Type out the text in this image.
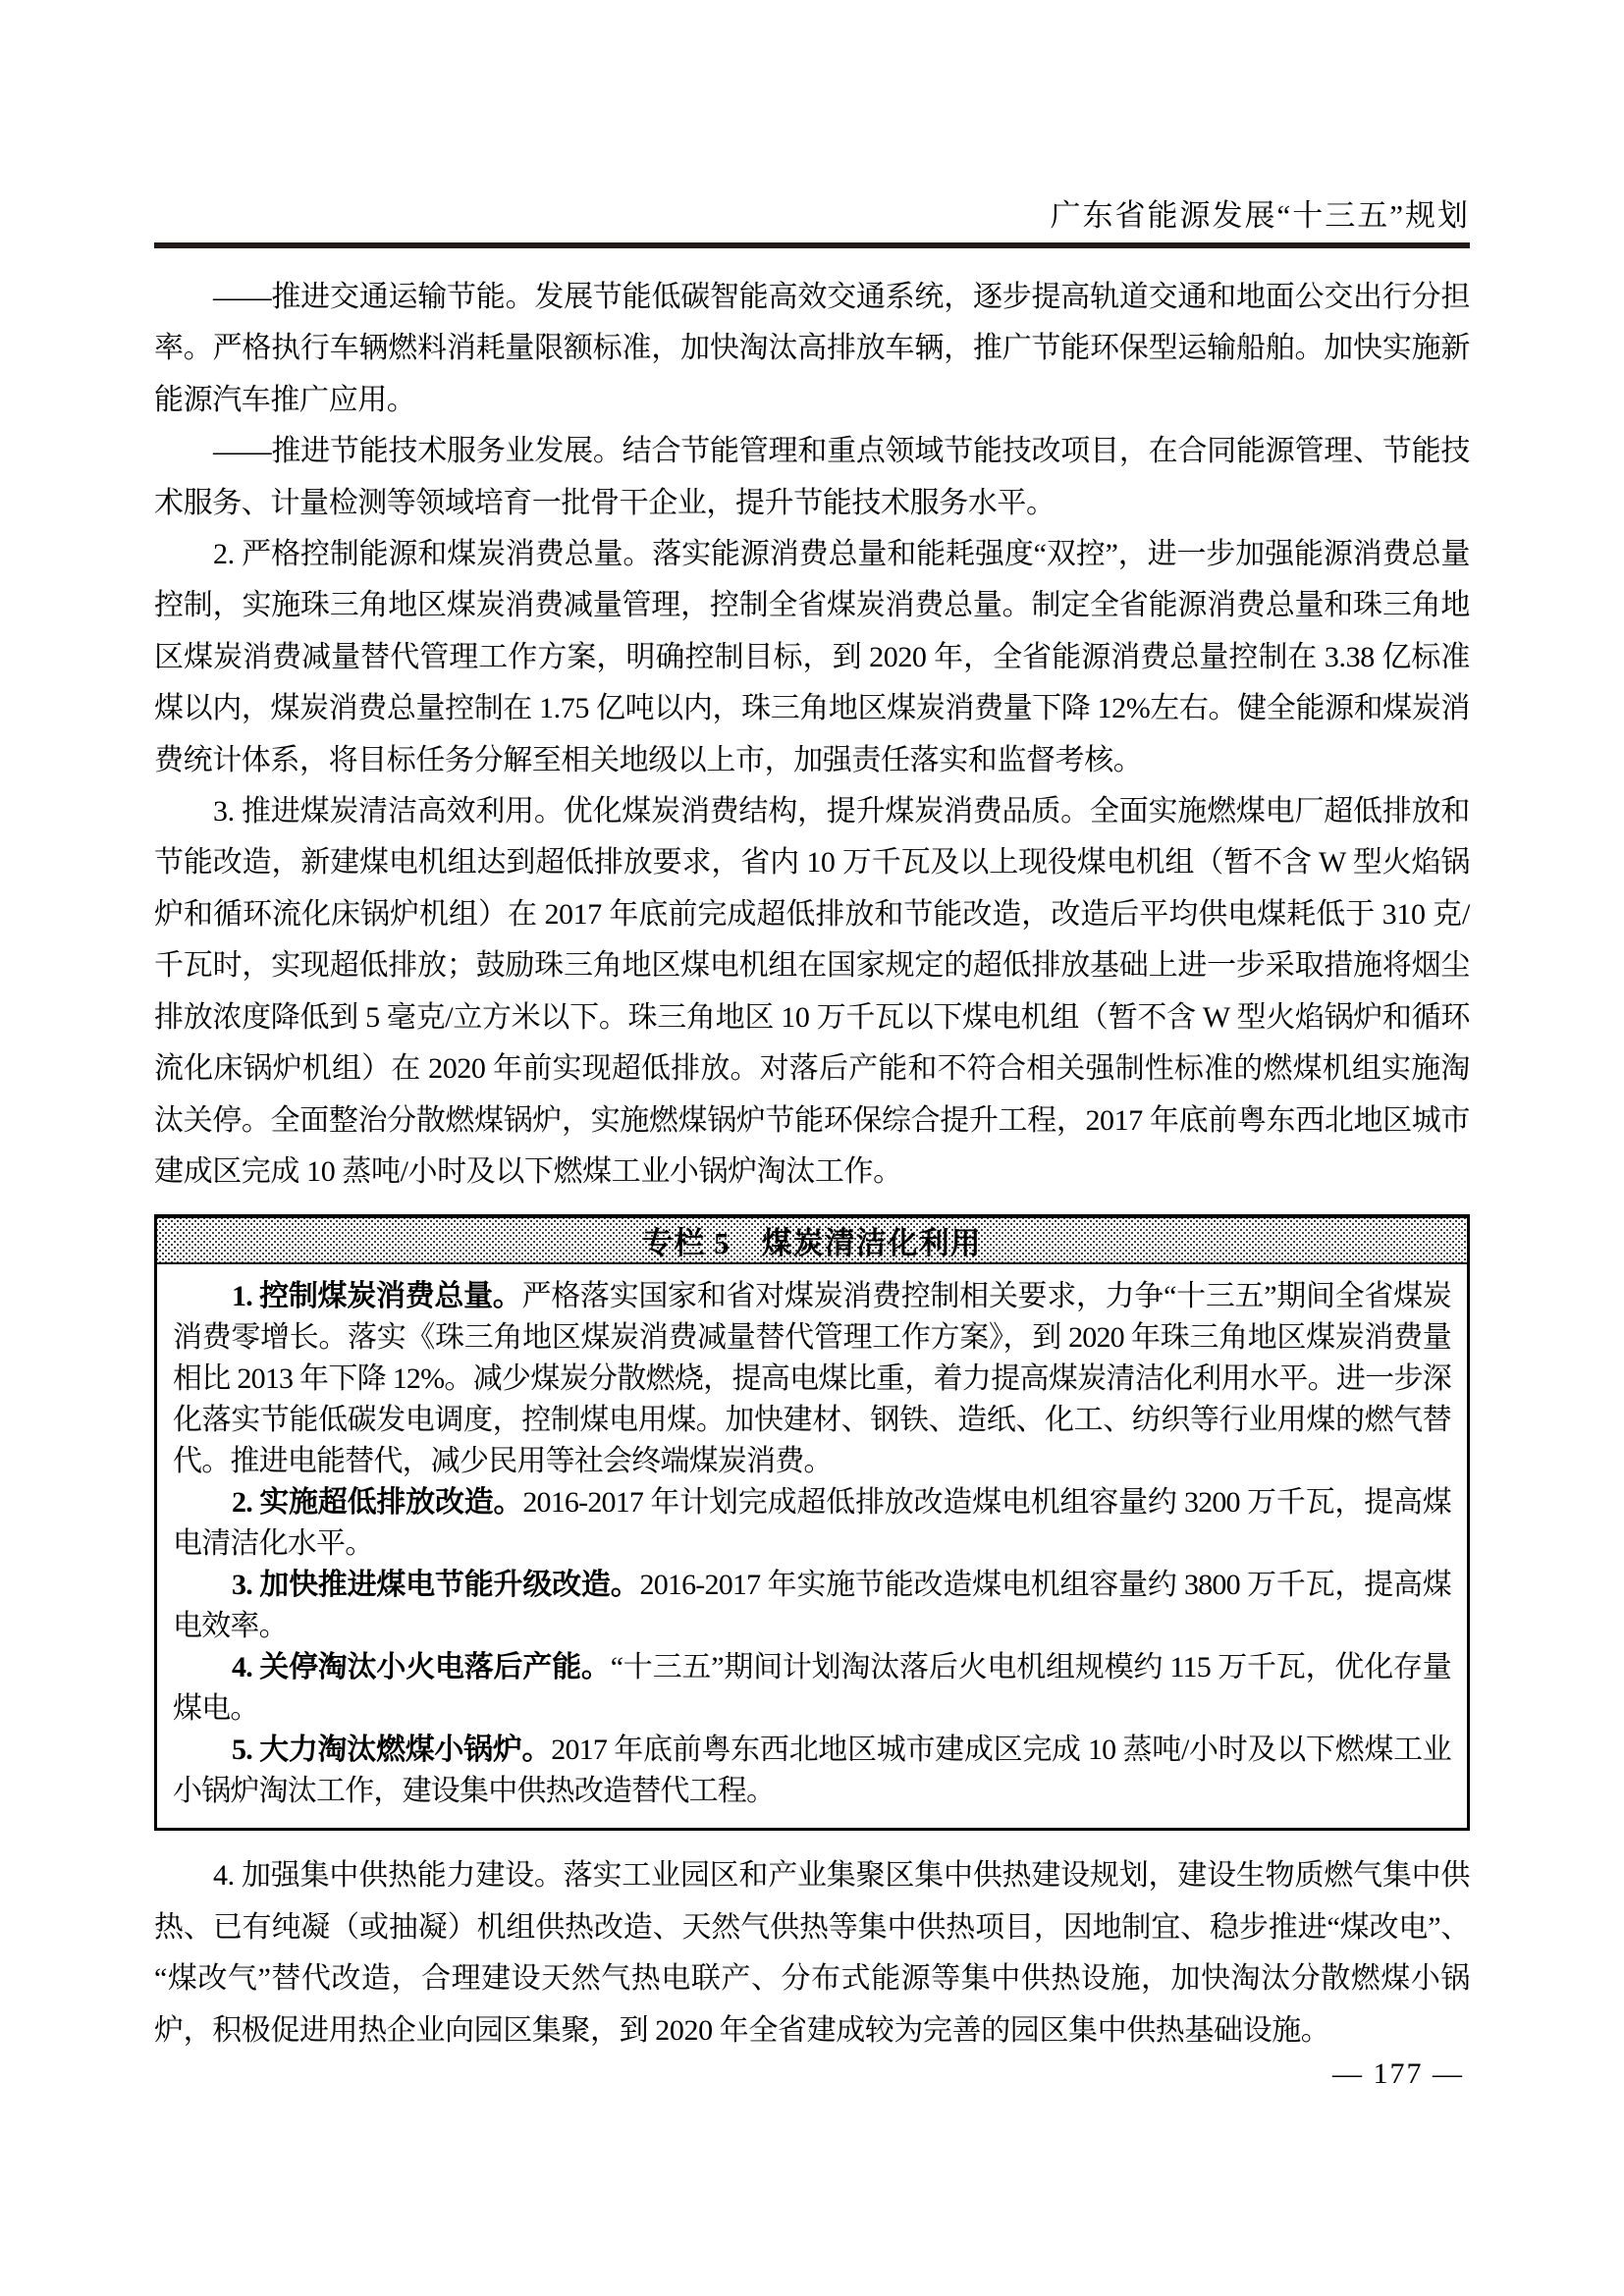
广东省能源发展“十三五”规划

——推进交通运输节能。发展节能低碳智能高效交通系统，逐步提高轨道交通和地面公交出行分担率。严格执行车辆燃料消耗量限额标准，加快淘汰高排放车辆，推广节能环保型运输船舶。加快实施新能源汽车推广应用。

——推进节能技术服务业发展。结合节能管理和重点领域节能技改项目，在合同能源管理、节能技术服务、计量检测等领域培育一批骨干企业，提升节能技术服务水平。

2. 严格控制能源和煤炭消费总量。落实能源消费总量和能耗强度“双控”，进一步加强能源消费总量控制，实施珠三角地区煤炭消费减量管理，控制全省煤炭消费总量。制定全省能源消费总量和珠三角地区煤炭消费减量替代管理工作方案，明确控制目标，到 2020 年，全省能源消费总量控制在 3.38 亿标准煤以内，煤炭消费总量控制在 1.75 亿吨以内，珠三角地区煤炭消费量下降 12%左右。健全能源和煤炭消费统计体系，将目标任务分解至相关地级以上市，加强责任落实和监督考核。

3. 推进煤炭清洁高效利用。优化煤炭消费结构，提升煤炭消费品质。全面实施燃煤电厂超低排放和节能改造，新建煤电机组达到超低排放要求，省内 10 万千瓦及以上现役煤电机组（暂不含 W 型火焰锅炉和循环流化床锅炉机组）在 2017 年底前完成超低排放和节能改造，改造后平均供电煤耗低于 310 克/千瓦时，实现超低排放；鼓励珠三角地区煤电机组在国家规定的超低排放基础上进一步采取措施将烟尘排放浓度降低到 5 毫克/立方米以下。珠三角地区 10 万千瓦以下煤电机组（暂不含 W 型火焰锅炉和循环流化床锅炉机组）在 2020 年前实现超低排放。对落后产能和不符合相关强制性标准的燃煤机组实施淘汰关停。全面整治分散燃煤锅炉，实施燃煤锅炉节能环保综合提升工程，2017 年底前粤东西北地区城市建成区完成 10 蒸吨/小时及以下燃煤工业小锅炉淘汰工作。

专栏 5　煤炭清洁化利用

1. 控制煤炭消费总量。严格落实国家和省对煤炭消费控制相关要求，力争“十三五”期间全省煤炭消费零增长。落实《珠三角地区煤炭消费减量替代管理工作方案》，到 2020 年珠三角地区煤炭消费量相比 2013 年下降 12%。减少煤炭分散燃烧，提高电煤比重，着力提高煤炭清洁化利用水平。进一步深化落实节能低碳发电调度，控制煤电用煤。加快建材、钢铁、造纸、化工、纺织等行业用煤的燃气替代。推进电能替代，减少民用等社会终端煤炭消费。

2. 实施超低排放改造。2016-2017 年计划完成超低排放改造煤电机组容量约 3200 万千瓦，提高煤电清洁化水平。

3. 加快推进煤电节能升级改造。2016-2017 年实施节能改造煤电机组容量约 3800 万千瓦，提高煤电效率。

4. 关停淘汰小火电落后产能。“十三五”期间计划淘汰落后火电机组规模约 115 万千瓦，优化存量煤电。

5. 大力淘汰燃煤小锅炉。2017 年底前粤东西北地区城市建成区完成 10 蒸吨/小时及以下燃煤工业小锅炉淘汰工作，建设集中供热改造替代工程。

4. 加强集中供热能力建设。落实工业园区和产业集聚区集中供热建设规划，建设生物质燃气集中供热、已有纯凝（或抽凝）机组供热改造、天然气供热等集中供热项目，因地制宜、稳步推进“煤改电”、“煤改气”替代改造，合理建设天然气热电联产、分布式能源等集中供热设施，加快淘汰分散燃煤小锅炉，积极促进用热企业向园区集聚，到 2020 年全省建成较为完善的园区集中供热基础设施。

— 177 —
